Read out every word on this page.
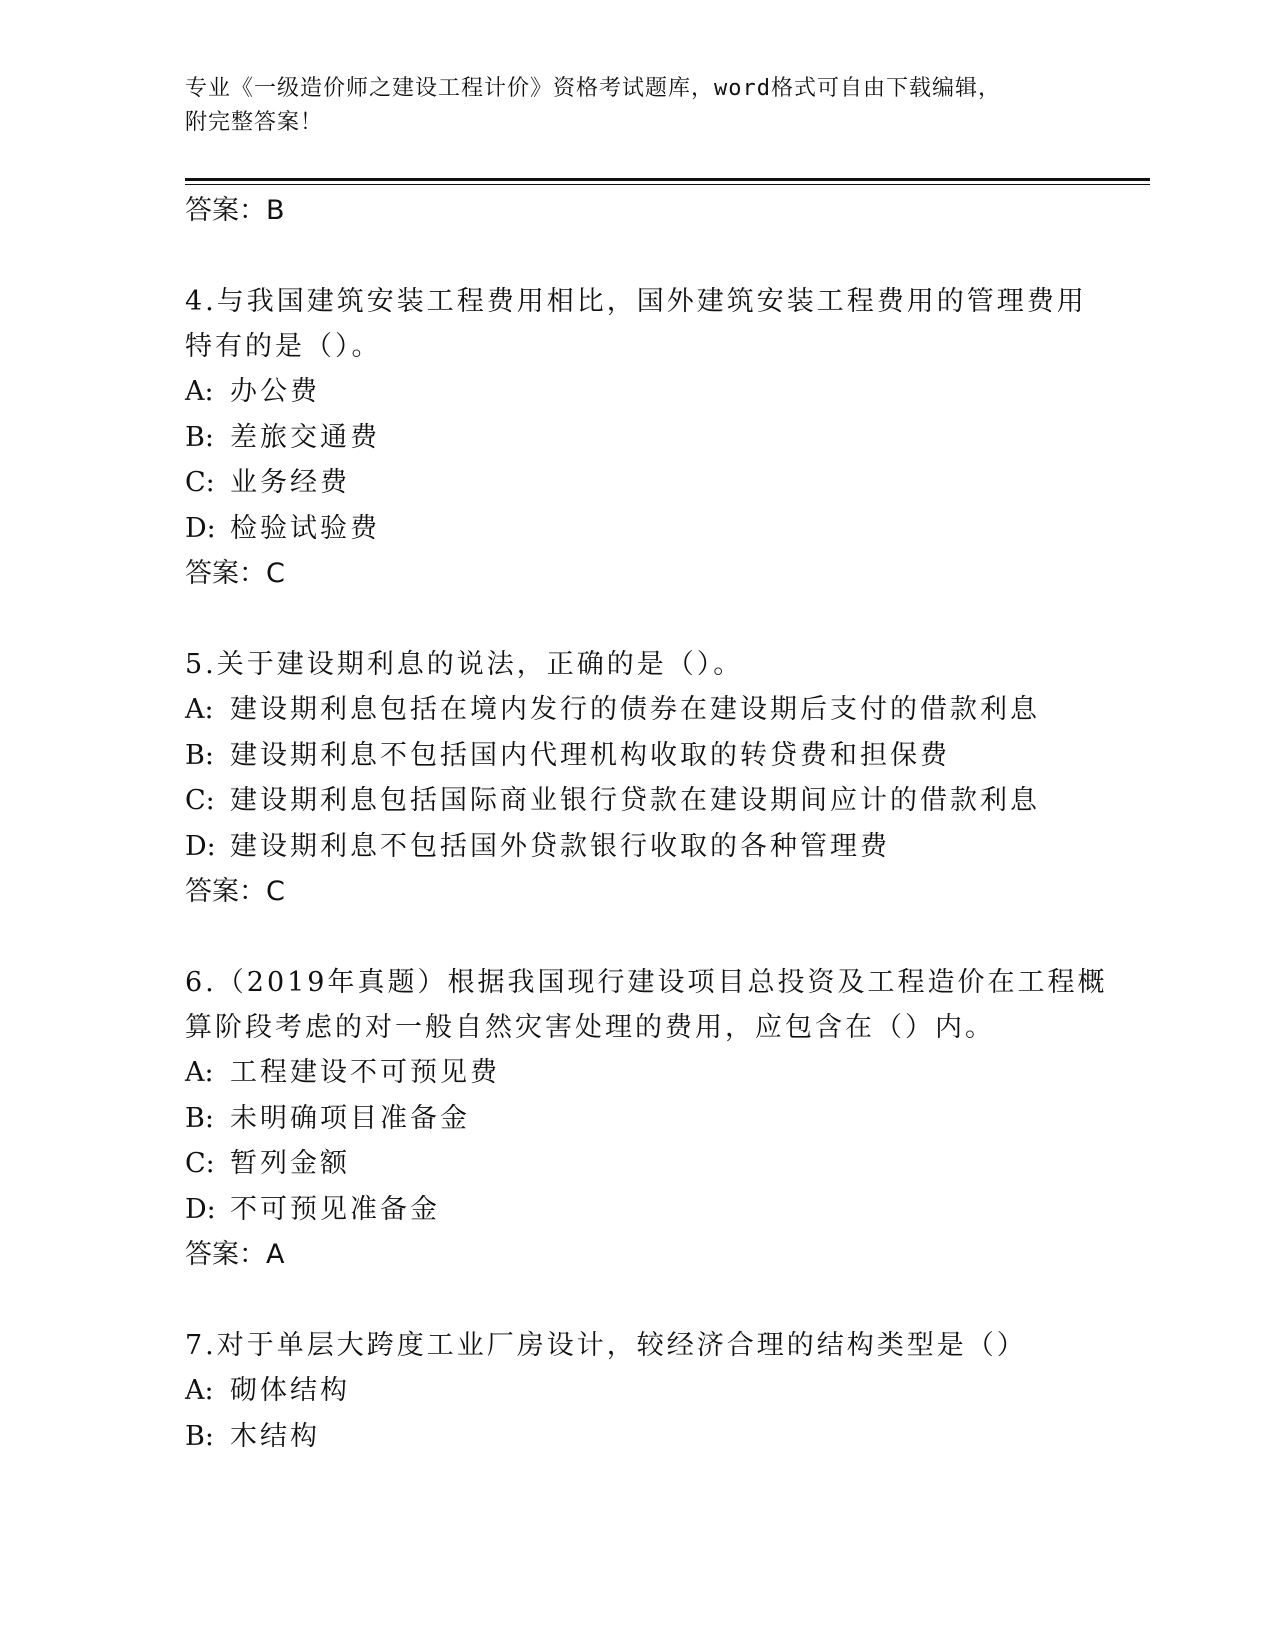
专业《一级造价师之建设工程计价》资格考试题库，word格式可自由下载编辑，
附完整答案！
答案：B
4.与我国建筑安装工程费用相比，国外建筑安装工程费用的管理费用
特有的是（）。
A: 办公费
B: 差旅交通费
C: 业务经费
D: 检验试验费
答案：C
5.关于建设期利息的说法，正确的是（）。
A: 建设期利息包括在境内发行的债券在建设期后支付的借款利息
B: 建设期利息不包括国内代理机构收取的转贷费和担保费
C: 建设期利息包括国际商业银行贷款在建设期间应计的借款利息
D: 建设期利息不包括国外贷款银行收取的各种管理费
答案：C
6.（2019年真题）根据我国现行建设项目总投资及工程造价在工程概
算阶段考虑的对一般自然灾害处理的费用，应包含在（）内。
A: 工程建设不可预见费
B: 未明确项目准备金
C: 暂列金额
D: 不可预见准备金
答案：A
7.对于单层大跨度工业厂房设计，较经济合理的结构类型是（）
A: 砌体结构
B: 木结构
